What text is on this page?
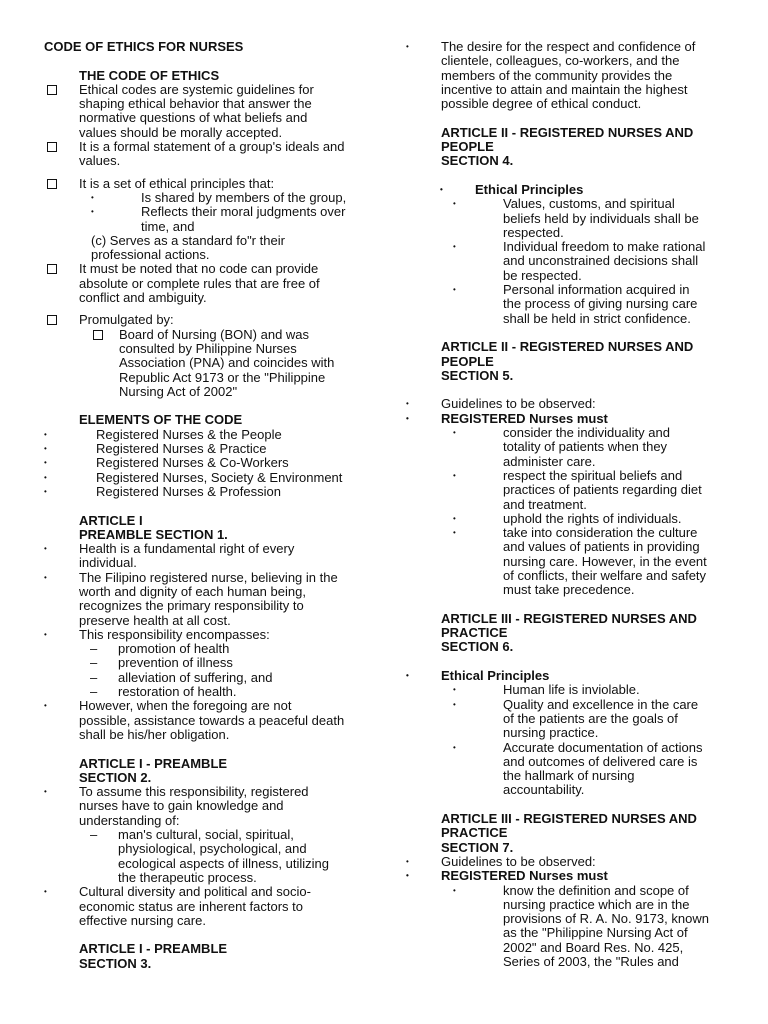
CODE OF ETHICS FOR NURSES
THE CODE OF ETHICS
Ethical codes are systemic guidelines for
shaping ethical behavior that answer the
normative questions of what beliefs and
values should be morally accepted.
It is a formal statement of a group's ideals and
values.
It is a set of ethical principles that:
•	Is shared by members of the group,
•	Reflects their moral judgments over
time, and
(c) Serves as a standard fo"r their
professional actions.
It must be noted that no code can provide
absolute or complete rules that are free of
conflict and ambiguity.
Promulgated by:
Board of Nursing (BON) and was
consulted by Philippine Nurses
Association (PNA) and coincides with
Republic Act 9173 or the "Philippine
Nursing Act of 2002"
ELEMENTS OF THE CODE
•	Registered Nurses & the People
•	Registered Nurses & Practice
•	Registered Nurses & Co-Workers
•	Registered Nurses, Society & Environment
•	Registered Nurses & Profession
ARTICLE I
PREAMBLE SECTION 1.
• Health is a fundamental right of every
individual.
• The Filipino registered nurse, believing in the
worth and dignity of each human being,
recognizes the primary responsibility to
preserve health at all cost.
• This responsibility encompasses:
– promotion of health
– prevention of illness
– alleviation of suffering, and
– restoration of health.
• However, when the foregoing are not
possible, assistance towards a peaceful death
shall be his/her obligation.
ARTICLE I - PREAMBLE
SECTION 2.
• To assume this responsibility, registered
nurses have to gain knowledge and
understanding of:
– man's cultural, social, spiritual,
physiological, psychological, and
ecological aspects of illness, utilizing
the therapeutic process.
• Cultural diversity and political and socio-
economic status are inherent factors to
effective nursing care.
ARTICLE I - PREAMBLE
SECTION 3.
• The desire for the respect and confidence of
clientele, colleagues, co-workers, and the
members of the community provides the
incentive to attain and maintain the highest
possible degree of ethical conduct.
ARTICLE II - REGISTERED NURSES AND
PEOPLE
SECTION 4.
• Ethical Principles
•	Values, customs, and spiritual
beliefs held by individuals shall be
respected.
•	Individual freedom to make rational
and unconstrained decisions shall
be respected.
•	Personal information acquired in
the process of giving nursing care
shall be held in strict confidence.
ARTICLE II - REGISTERED NURSES AND
PEOPLE
SECTION 5.
• Guidelines to be observed:
• REGISTERED Nurses must
•	consider the individuality and
totality of patients when they
administer care.
•	respect the spiritual beliefs and
practices of patients regarding diet
and treatment.
•	uphold the rights of individuals.
•	take into consideration the culture
and values of patients in providing
nursing care. However, in the event
of conflicts, their welfare and safety
must take precedence.
ARTICLE III - REGISTERED NURSES AND
PRACTICE
SECTION 6.
• Ethical Principles
•	Human life is inviolable.
•	Quality and excellence in the care
of the patients are the goals of
nursing practice.
•	Accurate documentation of actions
and outcomes of delivered care is
the hallmark of nursing
accountability.
ARTICLE III - REGISTERED NURSES AND
PRACTICE
SECTION 7.
• Guidelines to be observed:
• REGISTERED Nurses must
•	know the definition and scope of
nursing practice which are in the
provisions of R. A. No. 9173, known
as the "Philippine Nursing Act of
2002" and Board Res. No. 425,
Series of 2003, the "Rules and
